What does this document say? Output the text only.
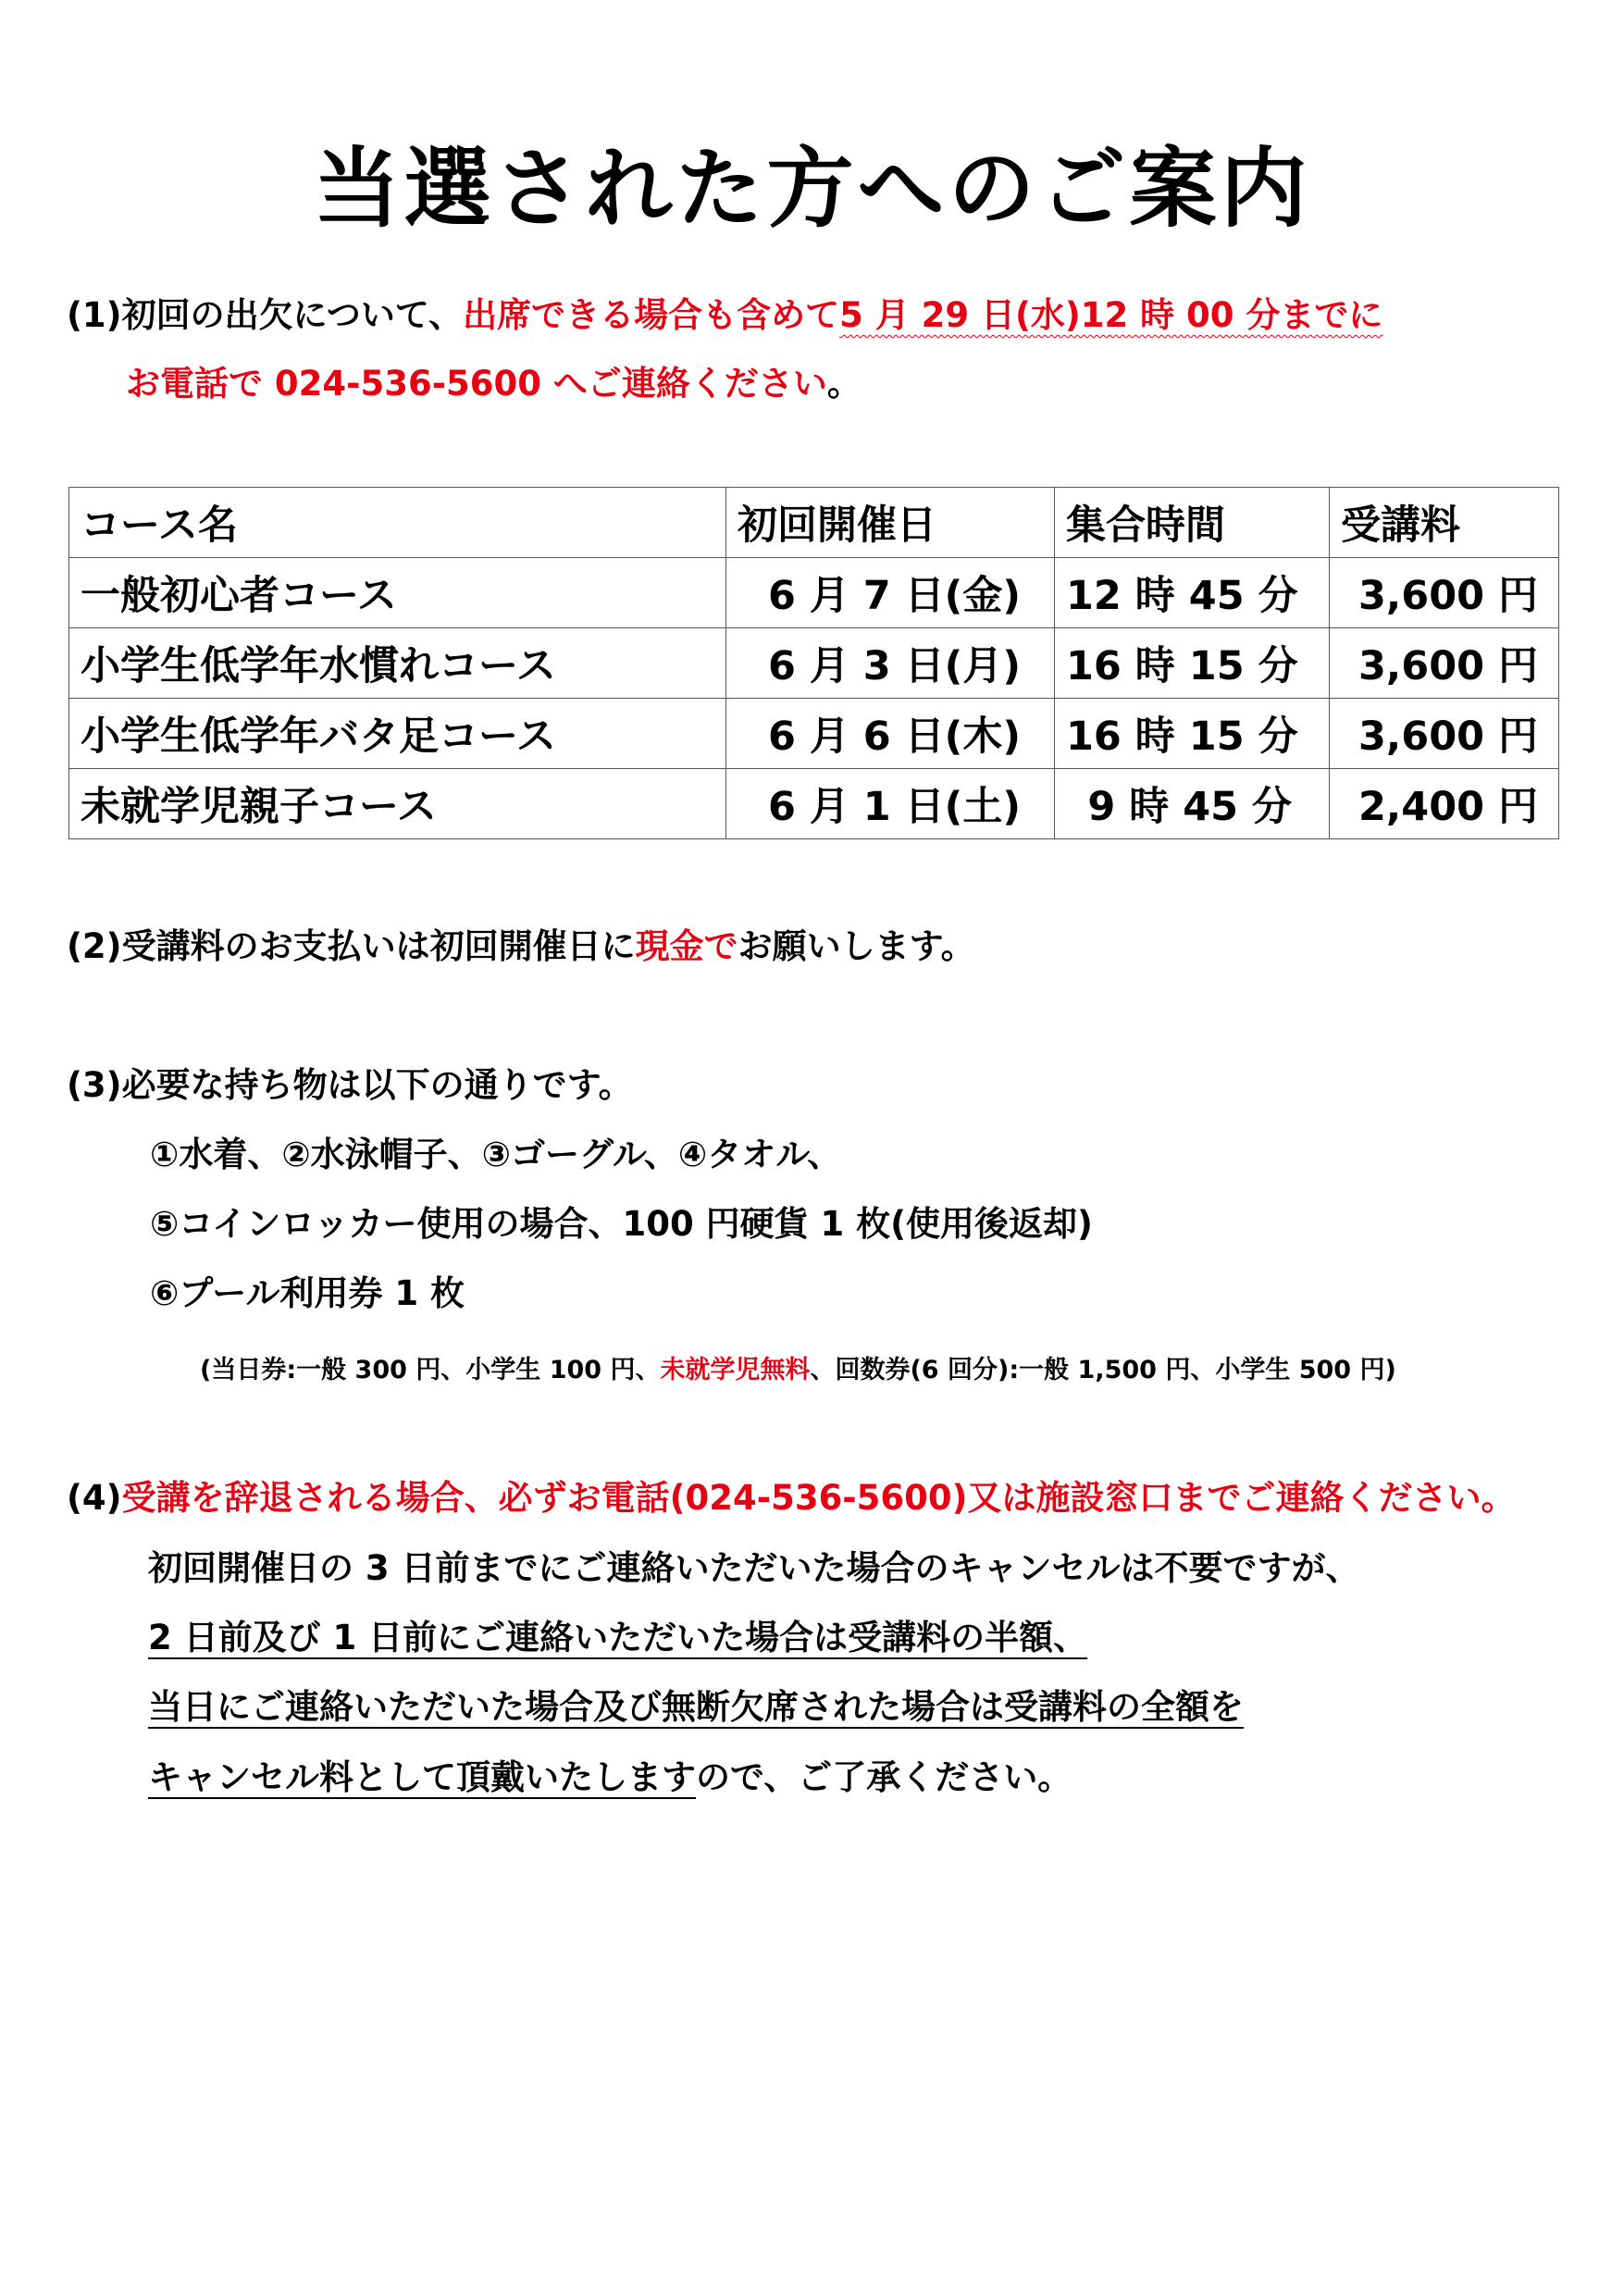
当選された方へのご案内
(1)初回の出欠について、出席できる場合も含めて5 月 29 日(水)12 時 00 分までに
お電話で 024-536-5600 へご連絡ください。
コース名	初回開催日	集合時間	受講料
一般初心者コース	6 月 7 日(金)	12 時 45 分	3,600 円
小学生低学年水慣れコース	6 月 3 日(月)	16 時 15 分	3,600 円
小学生低学年バタ足コース	6 月 6 日(木)	16 時 15 分	3,600 円
未就学児親子コース	6 月 1 日(土)	9 時 45 分	2,400 円
(2)受講料のお支払いは初回開催日に現金でお願いします。
(3)必要な持ち物は以下の通りです。
①水着、②水泳帽子、③ゴーグル、④タオル、
⑤コインロッカー使用の場合、100 円硬貨 1 枚(使用後返却)
⑥プール利用券 1 枚
(当日券:一般 300 円、小学生 100 円、未就学児無料、回数券(6 回分):一般 1,500 円、小学生 500 円)
(4)受講を辞退される場合、必ずお電話(024-536-5600)又は施設窓口までご連絡ください。
初回開催日の 3 日前までにご連絡いただいた場合のキャンセルは不要ですが、
2 日前及び 1 日前にご連絡いただいた場合は受講料の半額、
当日にご連絡いただいた場合及び無断欠席された場合は受講料の全額を
キャンセル料として頂戴いたしますので、ご了承ください。
